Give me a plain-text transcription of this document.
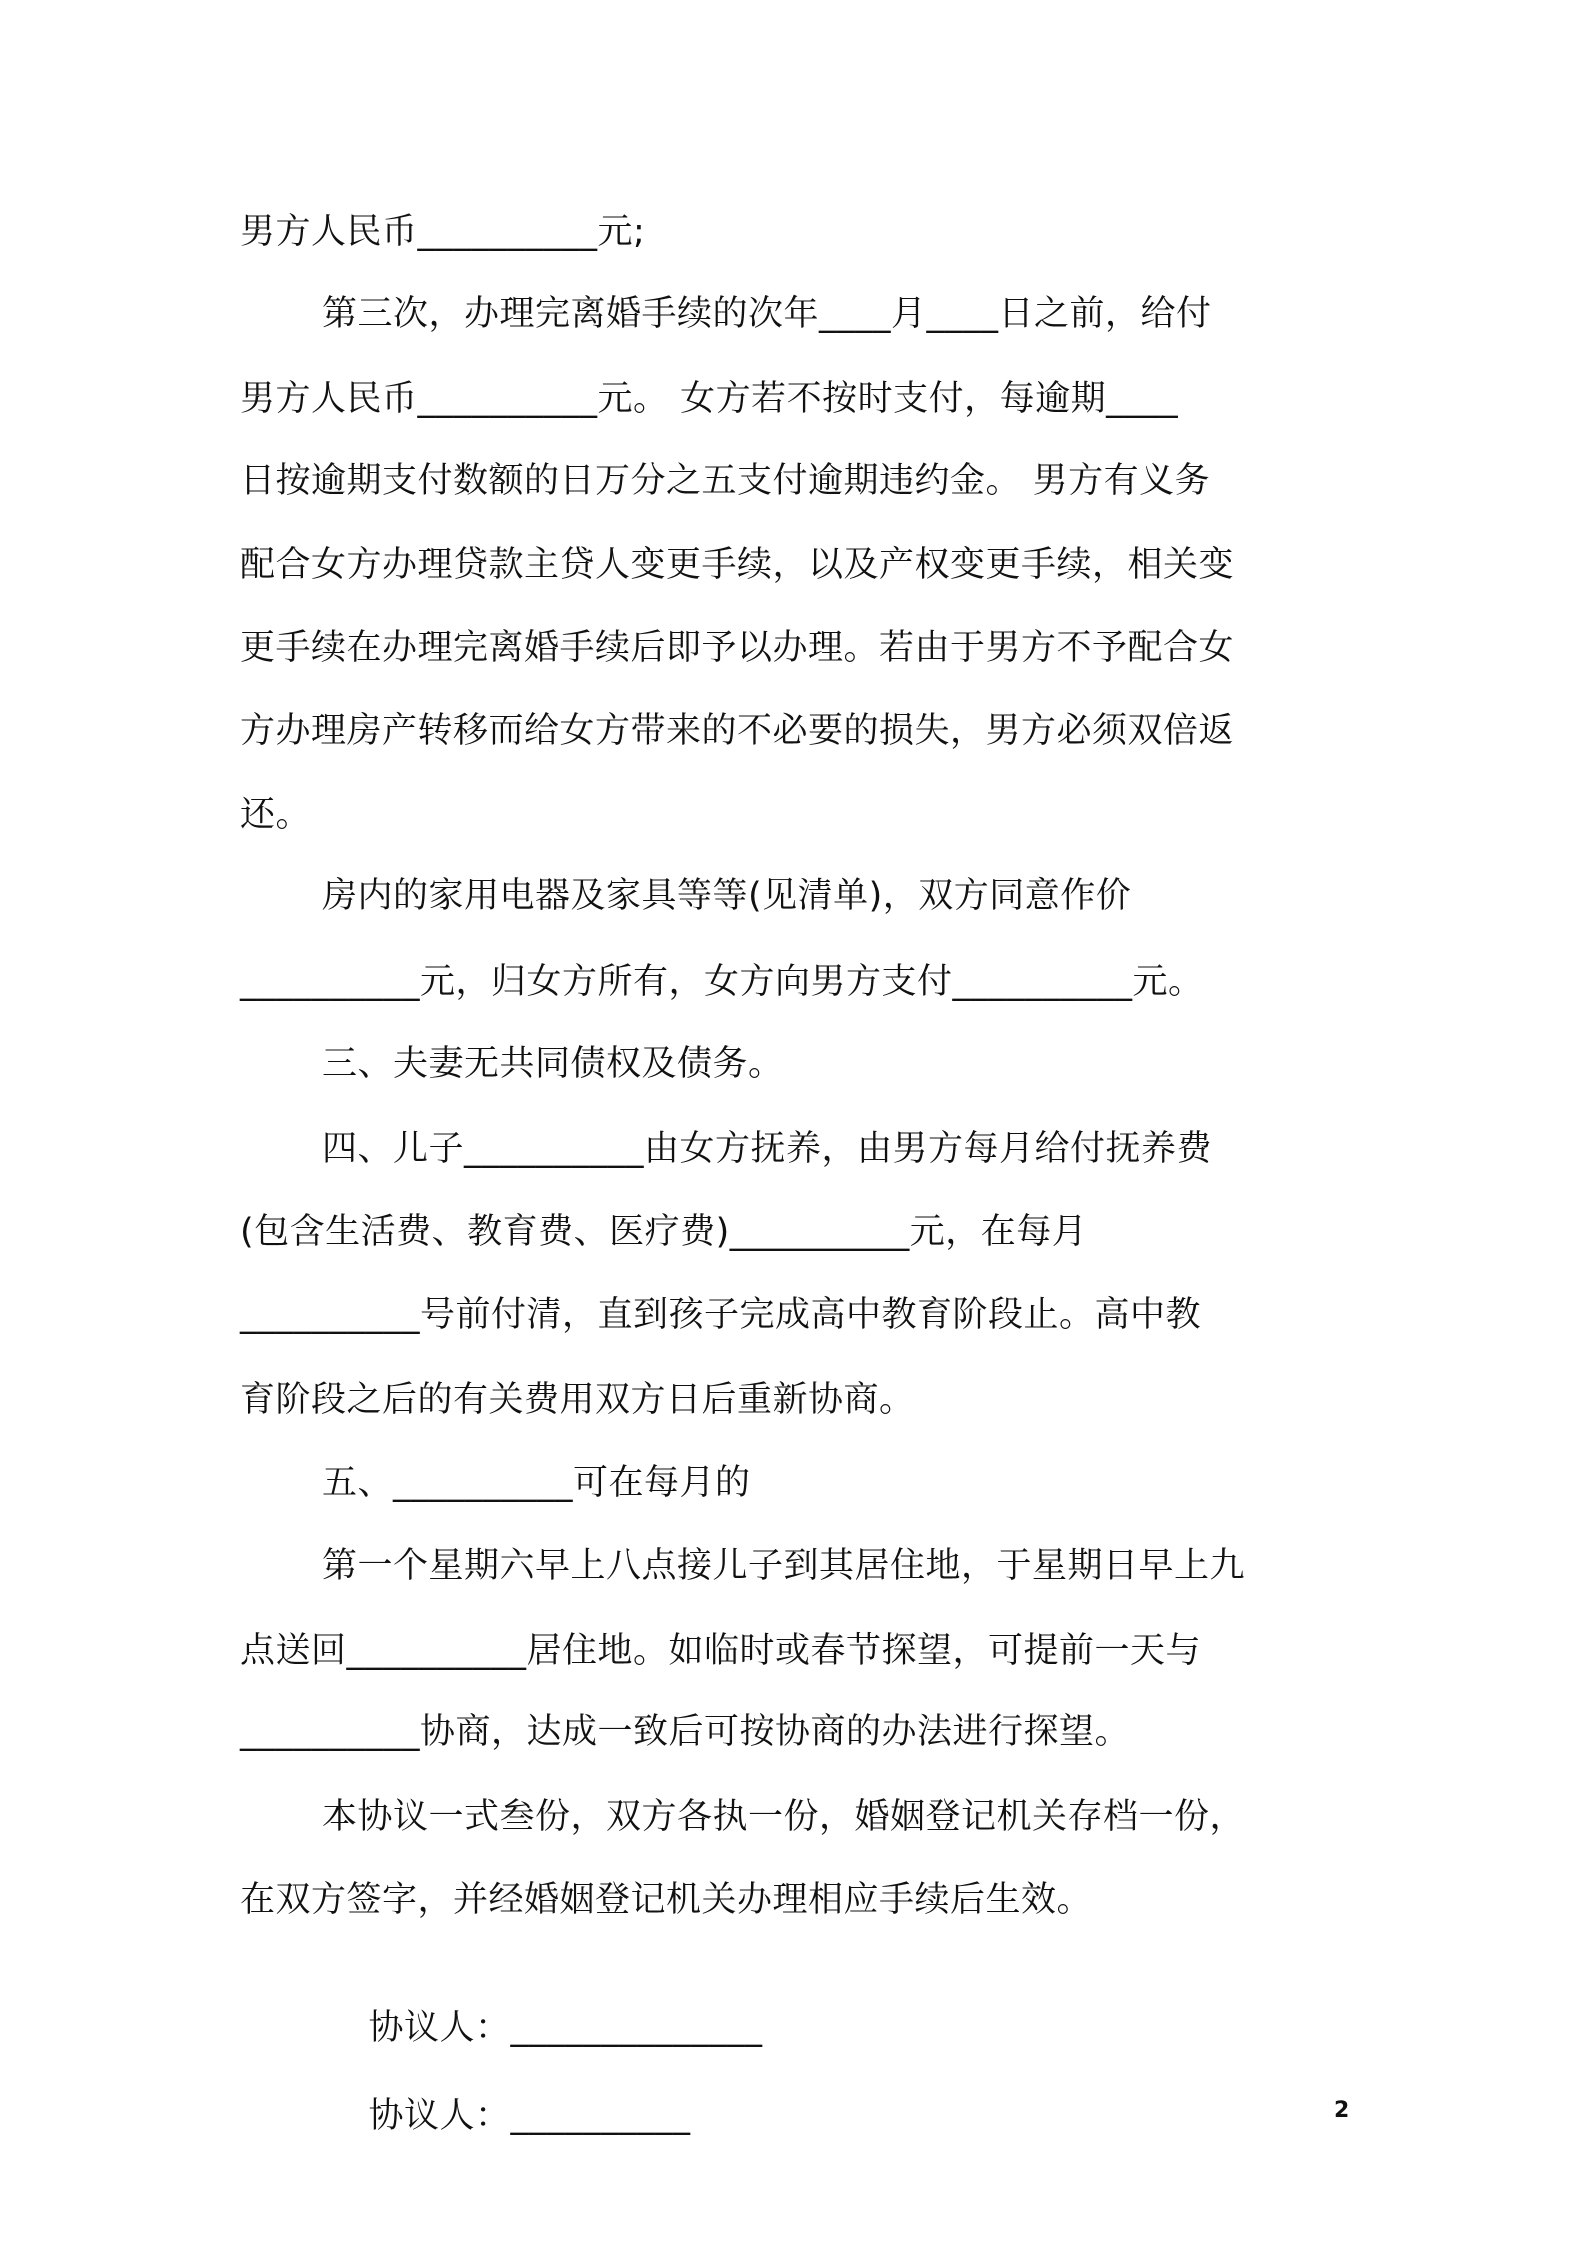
男方人民币__________元;
第三次，办理完离婚手续的次年____月____日之前，给付
男方人民币__________元。 女方若不按时支付，每逾期____
日按逾期支付数额的日万分之五支付逾期违约金。 男方有义务
配合女方办理贷款主贷人变更手续，以及产权变更手续，相关变
更手续在办理完离婚手续后即予以办理。若由于男方不予配合女
方办理房产转移而给女方带来的不必要的损失，男方必须双倍返
还。
房内的家用电器及家具等等(见清单)，双方同意作价
__________元，归女方所有，女方向男方支付__________元。
三、夫妻无共同债权及债务。
四、儿子__________由女方抚养，由男方每月给付抚养费
(包含生活费、教育费、医疗费)__________元，在每月
__________号前付清，直到孩子完成高中教育阶段止。高中教
育阶段之后的有关费用双方日后重新协商。
五、__________可在每月的
第一个星期六早上八点接儿子到其居住地，于星期日早上九
点送回__________居住地。如临时或春节探望，可提前一天与
__________协商，达成一致后可按协商的办法进行探望。
本协议一式叁份，双方各执一份，婚姻登记机关存档一份，
在双方签字，并经婚姻登记机关办理相应手续后生效。

协议人：______________

协议人：__________
	2
